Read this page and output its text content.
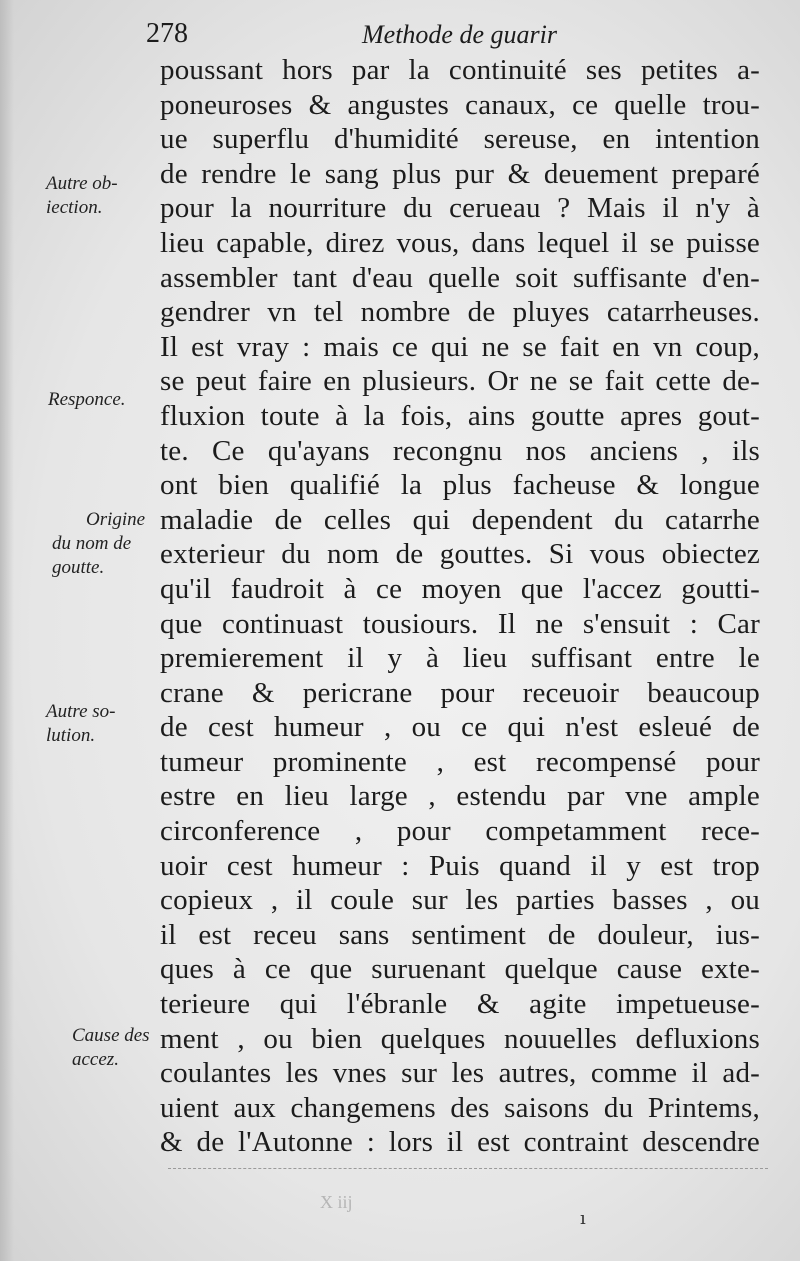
278	Methode de guarir
poussant hors par la continuité ses petites a-
poneuroses & angustes canaux, ce quelle trou-
ue superflu d'humidité sereuse, en intention
de rendre le sang plus pur & deuement preparé
pour la nourriture du cerueau ? Mais il n'y à
lieu capable, direz vous, dans lequel il se puisse
assembler tant d'eau quelle soit suffisante d'en-
gendrer vn tel nombre de pluyes catarrheuses.
Il est vray : mais ce qui ne se fait en vn coup,
se peut faire en plusieurs. Or ne se fait cette de-
fluxion toute à la fois, ains goutte apres gout-
te. Ce qu'ayans recongnu nos anciens , ils
ont bien qualifié la plus facheuse & longue
maladie de celles qui dependent du catarrhe
exterieur du nom de gouttes. Si vous obiectez
qu'il faudroit à ce moyen que l'accez goutti-
que continuast tousiours. Il ne s'ensuit : Car
premierement il y à lieu suffisant entre le
crane & pericrane pour receuoir beaucoup
de cest humeur , ou ce qui n'est esleué de
tumeur prominente , est recompensé pour
estre en lieu large , estendu par vne ample
circonference , pour competamment rece-
uoir cest humeur : Puis quand il y est trop
copieux , il coule sur les parties basses , ou
il est receu sans sentiment de douleur, ius-
ques à ce que suruenant quelque cause exte-
terieure qui l'ébranle & agite impetueuse-
ment , ou bien quelques nouuelles defluxions
coulantes les vnes sur les autres, comme il ad-
uient aux changemens des saisons du Printems,
& de l'Autonne : lors il est contraint descendre
Autre ob-
iection.
Responce.
Origine
du nom de
goutte.
Autre so-
lution.
Cause des
accez.
X iij
ı
